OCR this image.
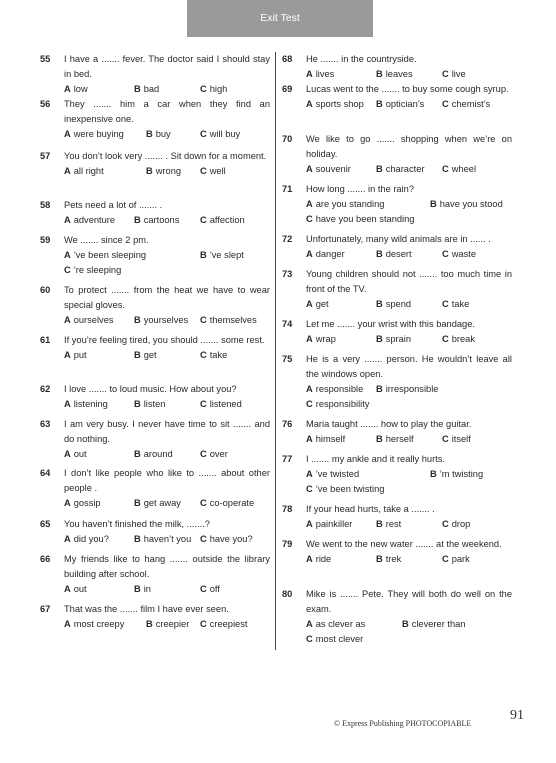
Exit Test
55 I have a ....... fever. The doctor said I should stay in bed.
A low	B bad	C high
56 They ....... him a car when they find an inexpensive one.
A were buying B buy	C will buy
57 You don’t look very ....... . Sit down for a moment.
A all right	B wrong C well
58 Pets need a lot of ....... .
A adventure B cartoons C affection
59 We ....... since 2 pm.
A ’ve been sleeping	B ’ve slept
C ’re sleeping
60 To protect ....... from the heat we have to wear special gloves.
A ourselves B yourselves C themselves
61 If you’re feeling tired, you should ....... some rest.
A put	B get	C take
62 I love ....... to loud music. How about you?
A listening	B listen	C listened
63 I am very busy. I never have time to sit ....... and do nothing.
A out	B around	C over
64 I don’t like people who like to ....... about other people .
A gossip	B get away C co-operate
65 You haven’t finished the milk, .......?
A did you?	B haven’t you C have you?
66 My friends like to hang ....... outside the library building after school.
A out	B in	C off
67 That was the ....... film I have ever seen.
A most creepy B creepier C creepiest
68 He ....... in the countryside.
A lives	B leaves	C live
69 Lucas went to the ....... to buy some cough syrup.
A sports shop B optician’s C chemist’s
70 We like to go ....... shopping when we’re on holiday.
A souvenir	B character C wheel
71 How long ....... in the rain?
A are you standing	B have you stood
C have you been standing
72 Unfortunately, many wild animals are in ...... .
A danger	B desert	C waste
73 Young children should not ....... too much time in front of the TV.
A get	B spend	C take
74 Let me ....... your wrist with this bandage.
A wrap	B sprain	C break
75 He is a very ....... person. He wouldn’t leave all the windows open.
A responsible B irresponsible
C responsibility
76 Maria taught ....... how to play the guitar.
A himself	B herself	C itself
77 I ....... my ankle and it really hurts.
A ’ve twisted	B ’m twisting
C ’ve been twisting
78 If your head hurts, take a ....... .
A painkiller	B rest	C drop
79 We went to the new water ....... at the weekend.
A ride	B trek	C park
80 Mike is ....... Pete. They will both do well on the exam.
A as clever as	B cleverer than
C most clever
© Express Publishing PHOTOCOPIABLE
91
